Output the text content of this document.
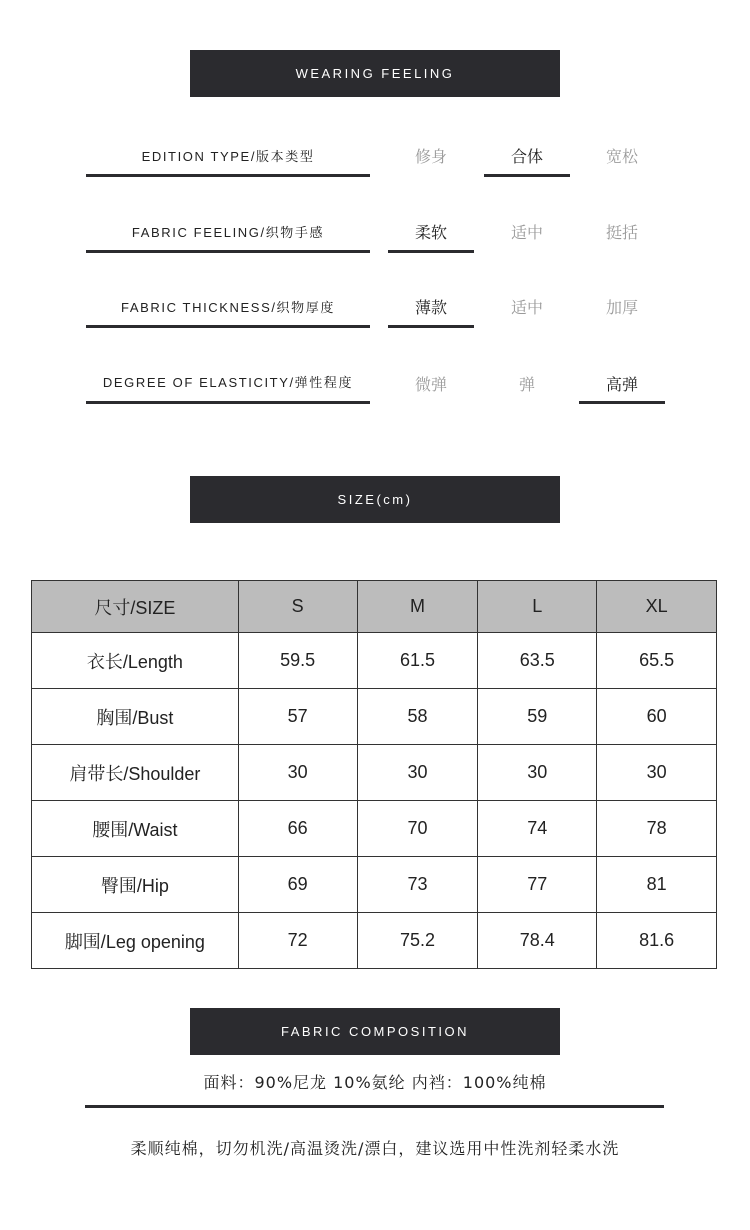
WEARING FEELING
EDITION TYPE/版本类型	修身	合体	宽松
FABRIC FEELING/织物手感	柔软	适中	挺括
FABRIC THICKNESS/织物厚度	薄款	适中	加厚
DEGREE OF ELASTICITY/弹性程度	微弹	弹	高弹
SIZE(cm)
尺寸/SIZE	S	M	L	XL
衣长/Length	59.5	61.5	63.5	65.5
胸围/Bust	57	58	59	60
肩带长/Shoulder	30	30	30	30
腰围/Waist	66	70	74	78
臀围/Hip	69	73	77	81
脚围/Leg opening	72	75.2	78.4	81.6
FABRIC COMPOSITION
面料：90%尼龙 10%氨纶 内裆：100%纯棉
柔顺纯棉，切勿机洗/高温烫洗/漂白，建议选用中性洗剂轻柔水洗
